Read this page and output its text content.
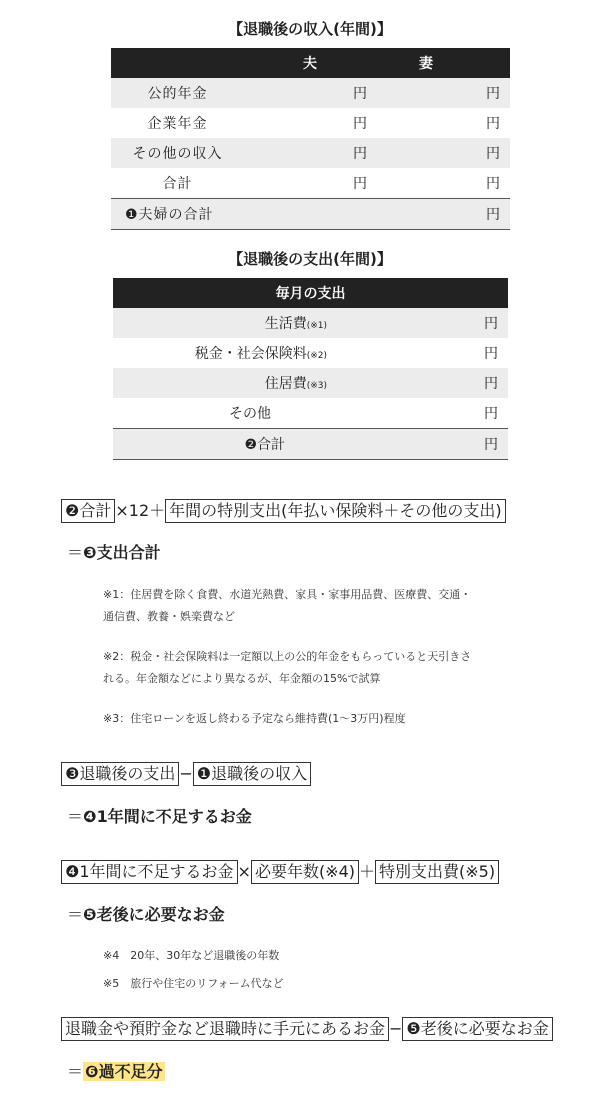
【退職後の収入(年間)】
	夫	妻
公的年金	円	円
企業年金	円	円
その他の収入	円	円
合計	円	円
❶夫婦の合計		円
【退職後の支出(年間)】
毎月の支出	
生活費(※1)	円
税金・社会保険料(※2)	円
住居費(※3)	円
その他	円
❷合計	円
❷合計 ×12＋ 年間の特別支出(年払い保険料＋その他の支出)
＝❸支出合計
※1：住居費を除く食費、水道光熱費、家具・家事用品費、医療費、交通・
通信費、教養・娯楽費など
※2：税金・社会保険料は一定額以上の公的年金をもらっていると天引きさ
れる。年金額などにより異なるが、年金額の15%で試算
※3：住宅ローンを返し終わる予定なら維持費(1〜3万円)程度
❸退職後の支出 − ❶退職後の収入
＝❹1年間に不足するお金
❹1年間に不足するお金 × 必要年数(※4) ＋ 特別支出費(※5)
＝❺老後に必要なお金
※4　20年、30年など退職後の年数
※5　旅行や住宅のリフォーム代など
退職金や預貯金など退職時に手元にあるお金 − ❺老後に必要なお金
＝ ❻過不足分
